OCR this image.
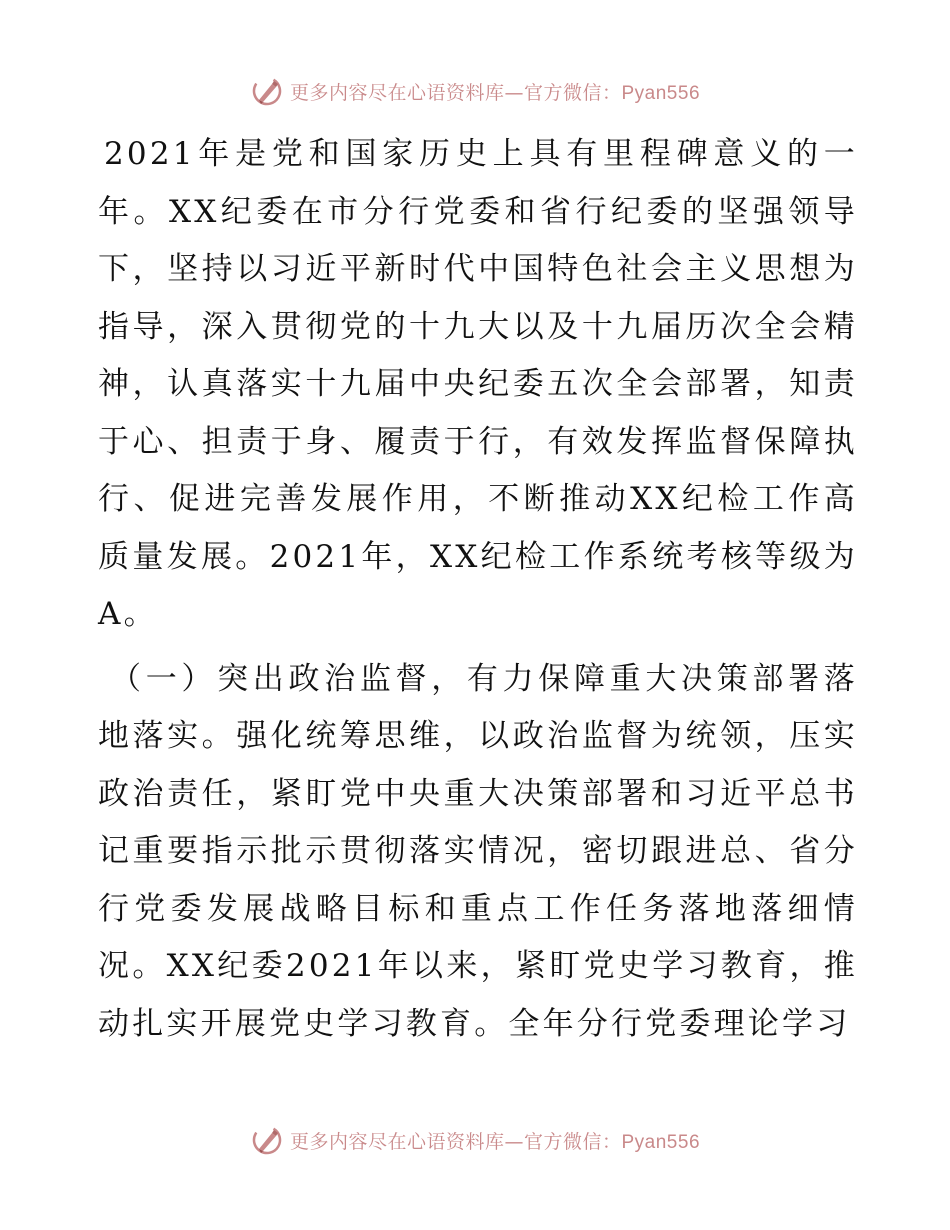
更多内容尽在心语资料库—官方微信：Pyan556

2021年是党和国家历史上具有里程碑意义的一年。XX纪委在市分行党委和省行纪委的坚强领导下，坚持以习近平新时代中国特色社会主义思想为指导，深入贯彻党的十九大以及十九届历次全会精神，认真落实十九届中央纪委五次全会部署，知责于心、担责于身、履责于行，有效发挥监督保障执行、促进完善发展作用，不断推动XX纪检工作高质量发展。2021年，XX纪检工作系统考核等级为A。

（一）突出政治监督，有力保障重大决策部署落地落实。强化统筹思维，以政治监督为统领，压实政治责任，紧盯党中央重大决策部署和习近平总书记重要指示批示贯彻落实情况，密切跟进总、省分行党委发展战略目标和重点工作任务落地落细情况。XX纪委2021年以来，紧盯党史学习教育，推动扎实开展党史学习教育。全年分行党委理论学习

更多内容尽在心语资料库—官方微信：Pyan556
